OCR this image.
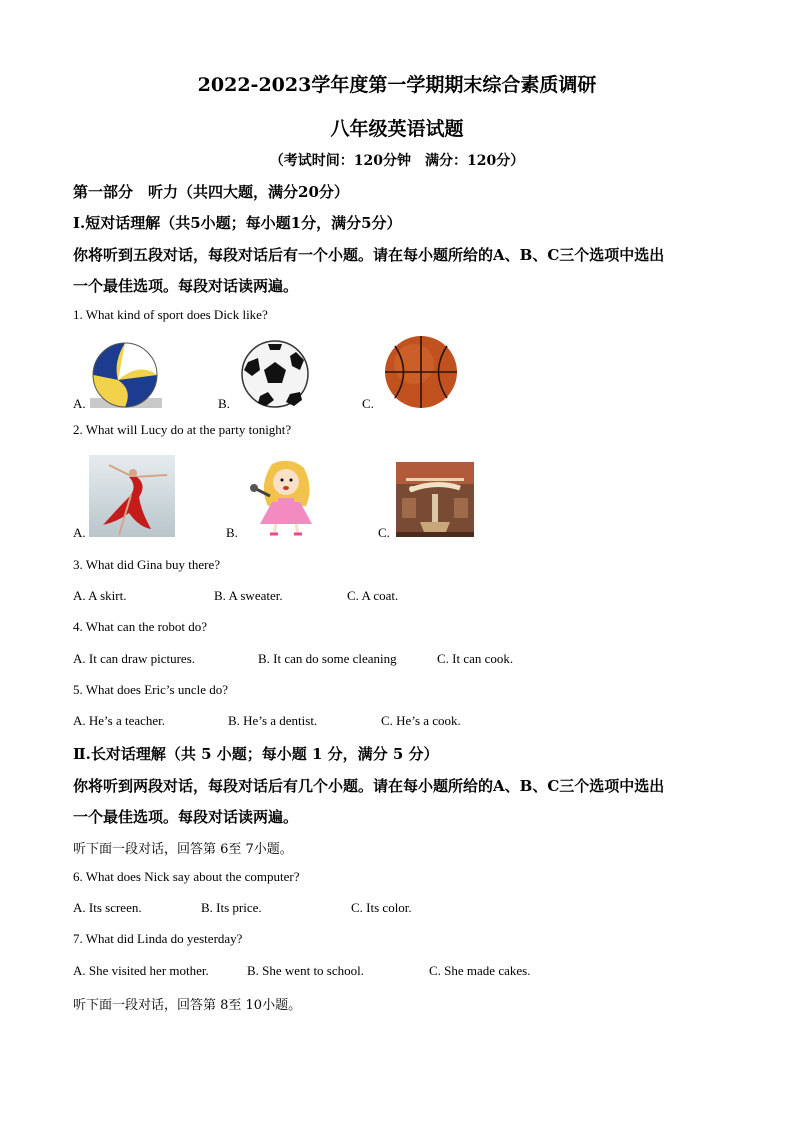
2022-2023学年度第一学期期末综合素质调研
八年级英语试题
（考试时间：120分钟　满分：120分）
第一部分　听力（共四大题，满分20分）
Ⅰ.短对话理解（共5小题；每小题1分，满分5分）
你将听到五段对话，每段对话后有一个小题。请在每小题所给的A、B、C三个选项中选出
一个最佳选项。每段对话读两遍。
1. What kind of sport does Dick like?
A.	B.	C.
2. What will Lucy do at the party tonight?
A.	B.	C.
3. What did Gina buy there?
A. A skirt.	B. A sweater.	C. A coat.
4. What can the robot do?
A. It can draw pictures.	B. It can do some cleaning	C. It can cook.
5. What does Eric’s uncle do?
A. He’s a teacher.	B. He’s a dentist.	C. He’s a cook.
Ⅱ.长对话理解（共 5 小题；每小题 1 分，满分 5 分）
你将听到两段对话，每段对话后有几个小题。请在每小题所给的A、B、C三个选项中选出
一个最佳选项。每段对话读两遍。
听下面一段对话，回答第 6至 7小题。
6. What does Nick say about the computer?
A. Its screen.	B. Its price.	C. Its color.
7. What did Linda do yesterday?
A. She visited her mother.	B. She went to school.	C. She made cakes.
听下面一段对话，回答第 8至 10小题。
